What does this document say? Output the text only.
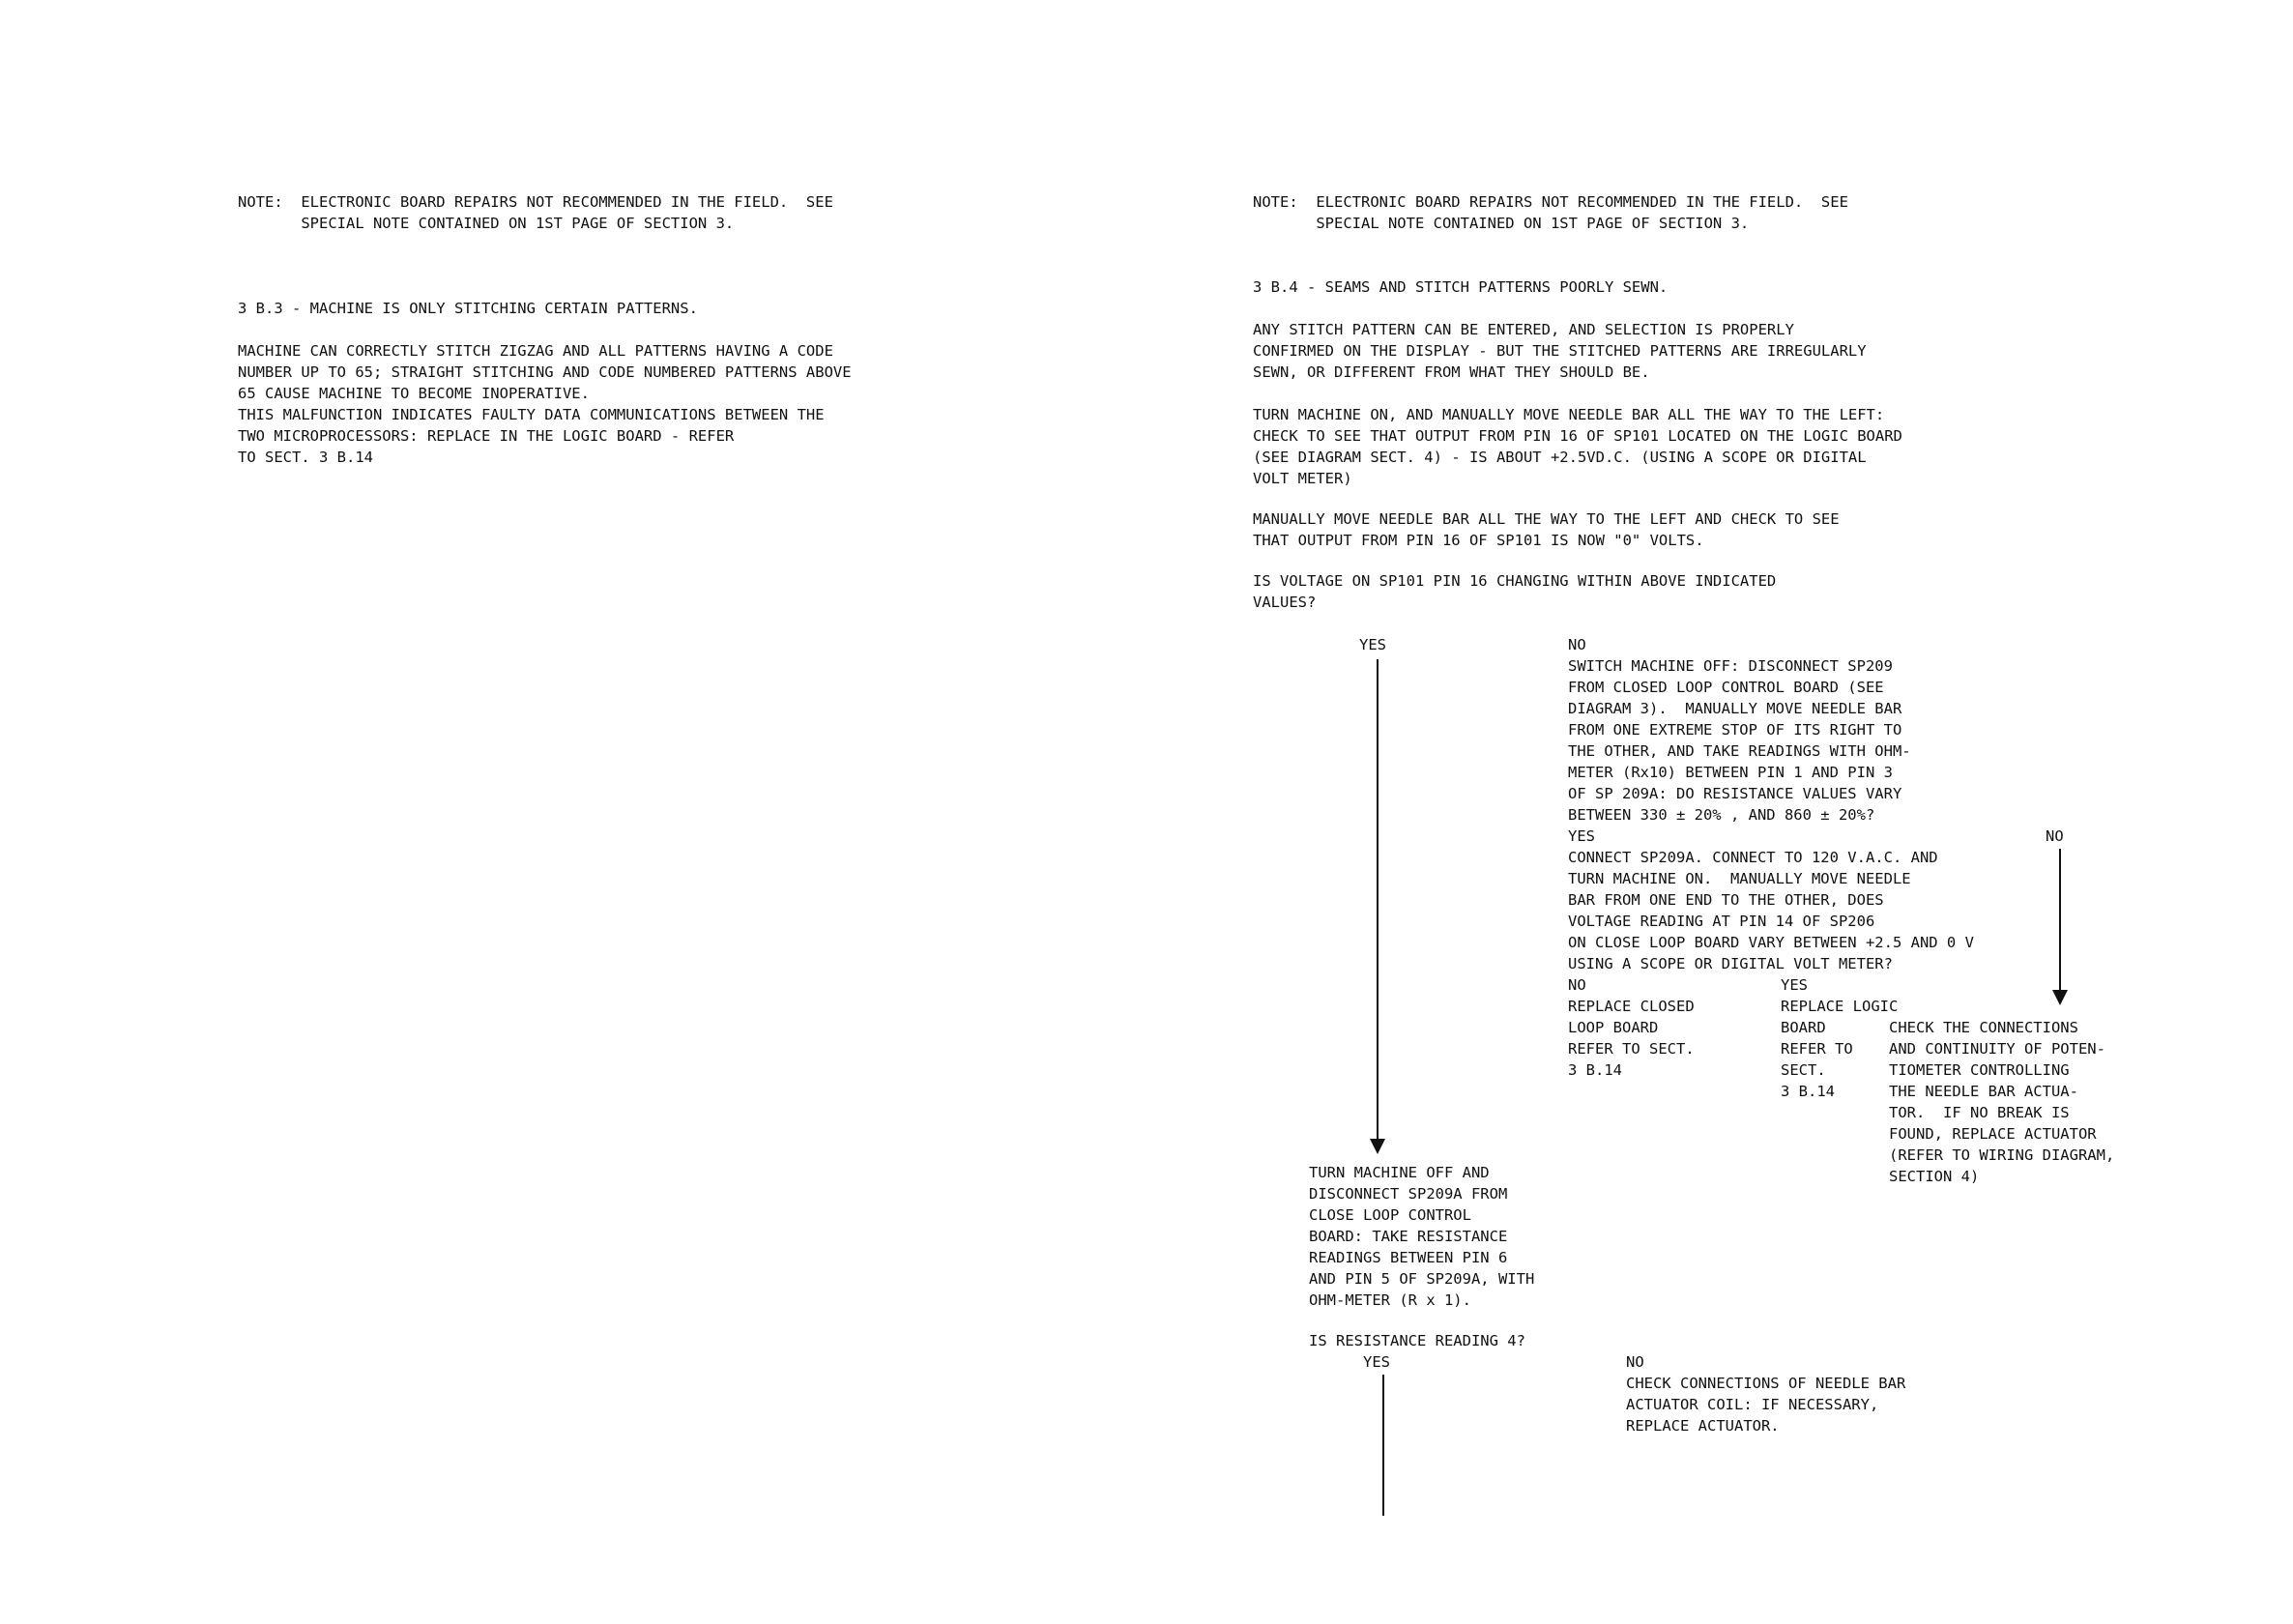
NOTE:  ELECTRONIC BOARD REPAIRS NOT RECOMMENDED IN THE FIELD.  SEE
SPECIAL NOTE CONTAINED ON 1ST PAGE OF SECTION 3.
3 B.3 - MACHINE IS ONLY STITCHING CERTAIN PATTERNS.
MACHINE CAN CORRECTLY STITCH ZIGZAG AND ALL PATTERNS HAVING A CODE
NUMBER UP TO 65; STRAIGHT STITCHING AND CODE NUMBERED PATTERNS ABOVE
65 CAUSE MACHINE TO BECOME INOPERATIVE.
THIS MALFUNCTION INDICATES FAULTY DATA COMMUNICATIONS BETWEEN THE
TWO MICROPROCESSORS: REPLACE IN THE LOGIC BOARD - REFER
TO SECT. 3 B.14
NOTE:  ELECTRONIC BOARD REPAIRS NOT RECOMMENDED IN THE FIELD.  SEE
SPECIAL NOTE CONTAINED ON 1ST PAGE OF SECTION 3.
3 B.4 - SEAMS AND STITCH PATTERNS POORLY SEWN.
ANY STITCH PATTERN CAN BE ENTERED, AND SELECTION IS PROPERLY
CONFIRMED ON THE DISPLAY - BUT THE STITCHED PATTERNS ARE IRREGULARLY
SEWN, OR DIFFERENT FROM WHAT THEY SHOULD BE.
TURN MACHINE ON, AND MANUALLY MOVE NEEDLE BAR ALL THE WAY TO THE LEFT:
CHECK TO SEE THAT OUTPUT FROM PIN 16 OF SP101 LOCATED ON THE LOGIC BOARD
(SEE DIAGRAM SECT. 4) - IS ABOUT +2.5VD.C. (USING A SCOPE OR DIGITAL
VOLT METER)
MANUALLY MOVE NEEDLE BAR ALL THE WAY TO THE LEFT AND CHECK TO SEE
THAT OUTPUT FROM PIN 16 OF SP101 IS NOW "0" VOLTS.
IS VOLTAGE ON SP101 PIN 16 CHANGING WITHIN ABOVE INDICATED
VALUES?
YES	NO
SWITCH MACHINE OFF: DISCONNECT SP209
FROM CLOSED LOOP CONTROL BOARD (SEE
DIAGRAM 3).  MANUALLY MOVE NEEDLE BAR
FROM ONE EXTREME STOP OF ITS RIGHT TO
THE OTHER, AND TAKE READINGS WITH OHM-
METER (Rx10) BETWEEN PIN 1 AND PIN 3
OF SP 209A: DO RESISTANCE VALUES VARY
BETWEEN 330 ± 20% , AND 860 ± 20%?
YES	NO
CONNECT SP209A. CONNECT TO 120 V.A.C. AND
TURN MACHINE ON.  MANUALLY MOVE NEEDLE
BAR FROM ONE END TO THE OTHER, DOES
VOLTAGE READING AT PIN 14 OF SP206
ON CLOSE LOOP BOARD VARY BETWEEN +2.5 AND 0 V
USING A SCOPE OR DIGITAL VOLT METER?
NO	YES
REPLACE CLOSED
LOOP BOARD
REFER TO SECT.
3 B.14
REPLACE LOGIC
BOARD
REFER TO
SECT.
3 B.14
CHECK THE CONNECTIONS
AND CONTINUITY OF POTEN-
TIOMETER CONTROLLING
THE NEEDLE BAR ACTUA-
TOR.  IF NO BREAK IS
FOUND, REPLACE ACTUATOR
(REFER TO WIRING DIAGRAM,
SECTION 4)
TURN MACHINE OFF AND
DISCONNECT SP209A FROM
CLOSE LOOP CONTROL
BOARD: TAKE RESISTANCE
READINGS BETWEEN PIN 6
AND PIN 5 OF SP209A, WITH
OHM-METER (R x 1).
IS RESISTANCE READING 4?
YES	NO
CHECK CONNECTIONS OF NEEDLE BAR
ACTUATOR COIL: IF NECESSARY,
REPLACE ACTUATOR.
